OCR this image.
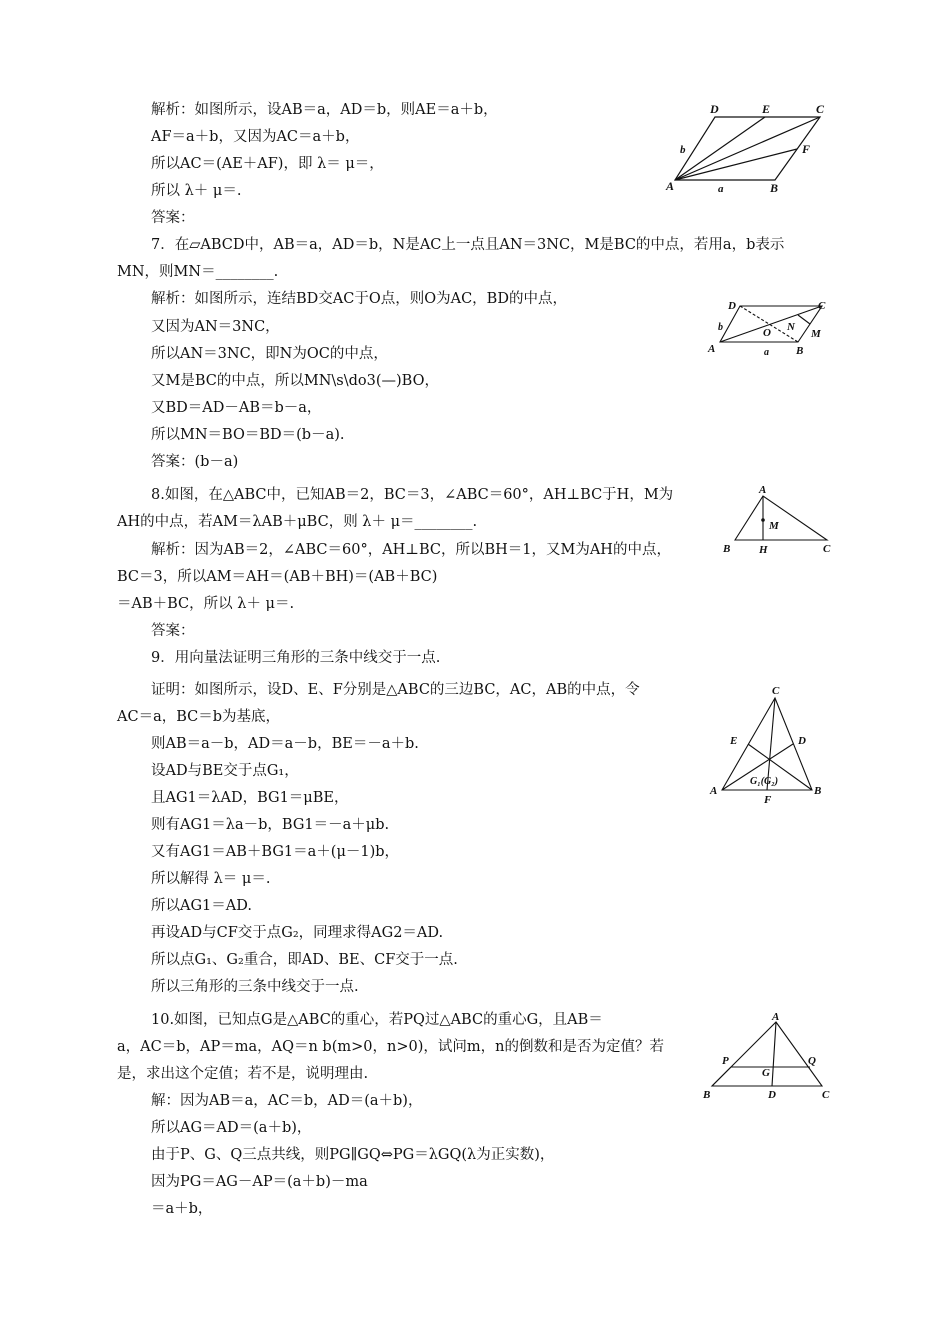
解析：如图所示，设AB＝a，AD＝b，则AE＝a＋b，
AF＝a＋b，又因为AC＝a＋b，
所以AC＝(AE＋AF)，即 λ＝ μ＝，
所以 λ＋ μ＝.
答案：
7．在▱ABCD中，AB＝a，AD＝b，N是AC上一点且AN＝3NC，M是BC的中点，若用a，b表示
MN，则MN＝________.
解析：如图所示，连结BD交AC于O点，则O为AC，BD的中点，
又因为AN＝3NC，
所以AN＝3NC，即N为OC的中点，
又M是BC的中点，所以MN\s\do3(—)BO，
又BD＝AD－AB＝b－a，
所以MN＝BO＝BD＝(b－a).
答案：(b－a)
8.如图，在△ABC中，已知AB＝2，BC＝3，∠ABC＝60°，AH⊥BC于H，M为
AH的中点，若AM＝λAB＋μBC，则 λ＋ μ＝________.
解析：因为AB＝2，∠ABC＝60°，AH⊥BC，所以BH＝1，又M为AH的中点，
BC＝3，所以AM＝AH＝(AB＋BH)＝(AB＋BC)
＝AB＋BC，所以 λ＋ μ＝.
答案：
9．用向量法证明三角形的三条中线交于一点.
证明：如图所示，设D、E、F分别是△ABC的三边BC，AC，AB的中点，令
AC＝a，BC＝b为基底，
则AB＝a－b，AD＝a－b，BE＝－a＋b.
设AD与BE交于点G₁，
且AG1＝λAD，BG1＝μBE，
则有AG1＝λa－b，BG1＝－a＋μb.
又有AG1＝AB＋BG1＝a＋(μ－1)b，
所以解得 λ＝ μ＝.
所以AG1＝AD.
再设AD与CF交于点G₂，同理求得AG2＝AD.
所以点G₁、G₂重合，即AD、BE、CF交于一点.
所以三角形的三条中线交于一点.
10.如图，已知点G是△ABC的重心，若PQ过△ABC的重心G，且AB＝
a，AC＝b，AP＝ma，AQ＝n b(m>0，n>0)，试问m，n的倒数和是否为定值？若
是，求出这个定值；若不是，说明理由.
解：因为AB＝a，AC＝b，AD＝(a＋b)，
所以AG＝AD＝(a＋b)，
由于P、G、Q三点共线，则PG∥GQ⇔PG＝λGQ(λ为正实数)，
因为PG＝AG－AP＝(a＋b)－ma
＝a＋b，
D	E	C
b	F
A	a	B
D	C
b	O N
M
A	a B
A
M
B	H	C
C
E	D
G₁(G₂)
A
F
B
A
P	Q
G
B	D	C
